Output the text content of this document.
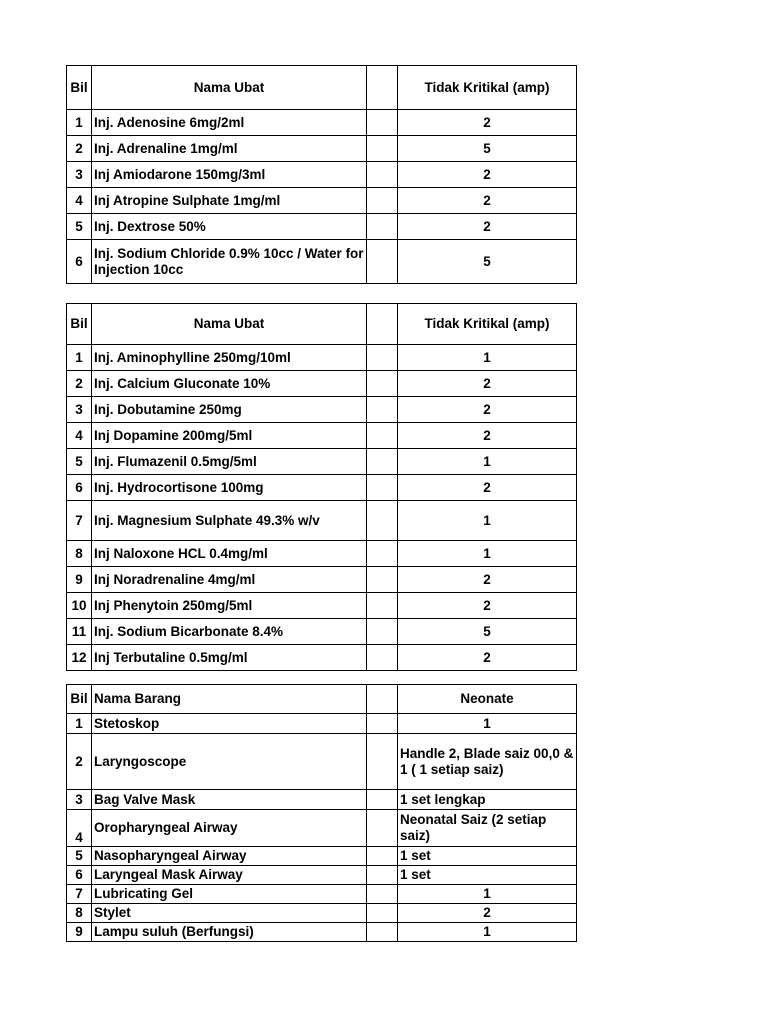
Bil	Nama Ubat		Tidak Kritikal (amp)
1	Inj. Adenosine 6mg/2ml		2
2	Inj. Adrenaline 1mg/ml		5
3	Inj Amiodarone 150mg/3ml		2
4	Inj Atropine Sulphate 1mg/ml		2
5	Inj. Dextrose 50%		2
6	Inj. Sodium Chloride 0.9% 10cc / Water for Injection 10cc		5
Bil	Nama Ubat		Tidak Kritikal (amp)
1	Inj. Aminophylline 250mg/10ml		1
2	Inj. Calcium Gluconate 10%		2
3	Inj. Dobutamine 250mg		2
4	Inj Dopamine 200mg/5ml		2
5	Inj. Flumazenil 0.5mg/5ml		1
6	Inj. Hydrocortisone 100mg		2
7	Inj. Magnesium Sulphate 49.3% w/v		1
8	Inj Naloxone HCL 0.4mg/ml		1
9	Inj Noradrenaline 4mg/ml		2
10	Inj Phenytoin 250mg/5ml		2
11	Inj. Sodium Bicarbonate 8.4%		5
12	Inj Terbutaline 0.5mg/ml		2
Bil	Nama Barang		Neonate
1	Stetoskop		1
2	Laryngoscope		Handle 2, Blade saiz 00,0 & 1 ( 1 setiap saiz)
3	Bag Valve Mask		1 set lengkap
4	Oropharyngeal Airway		Neonatal Saiz (2 setiap saiz)
5	Nasopharyngeal Airway		1 set
6	Laryngeal Mask Airway		1 set
7	Lubricating Gel		1
8	Stylet		2
9	Lampu suluh (Berfungsi)		1
